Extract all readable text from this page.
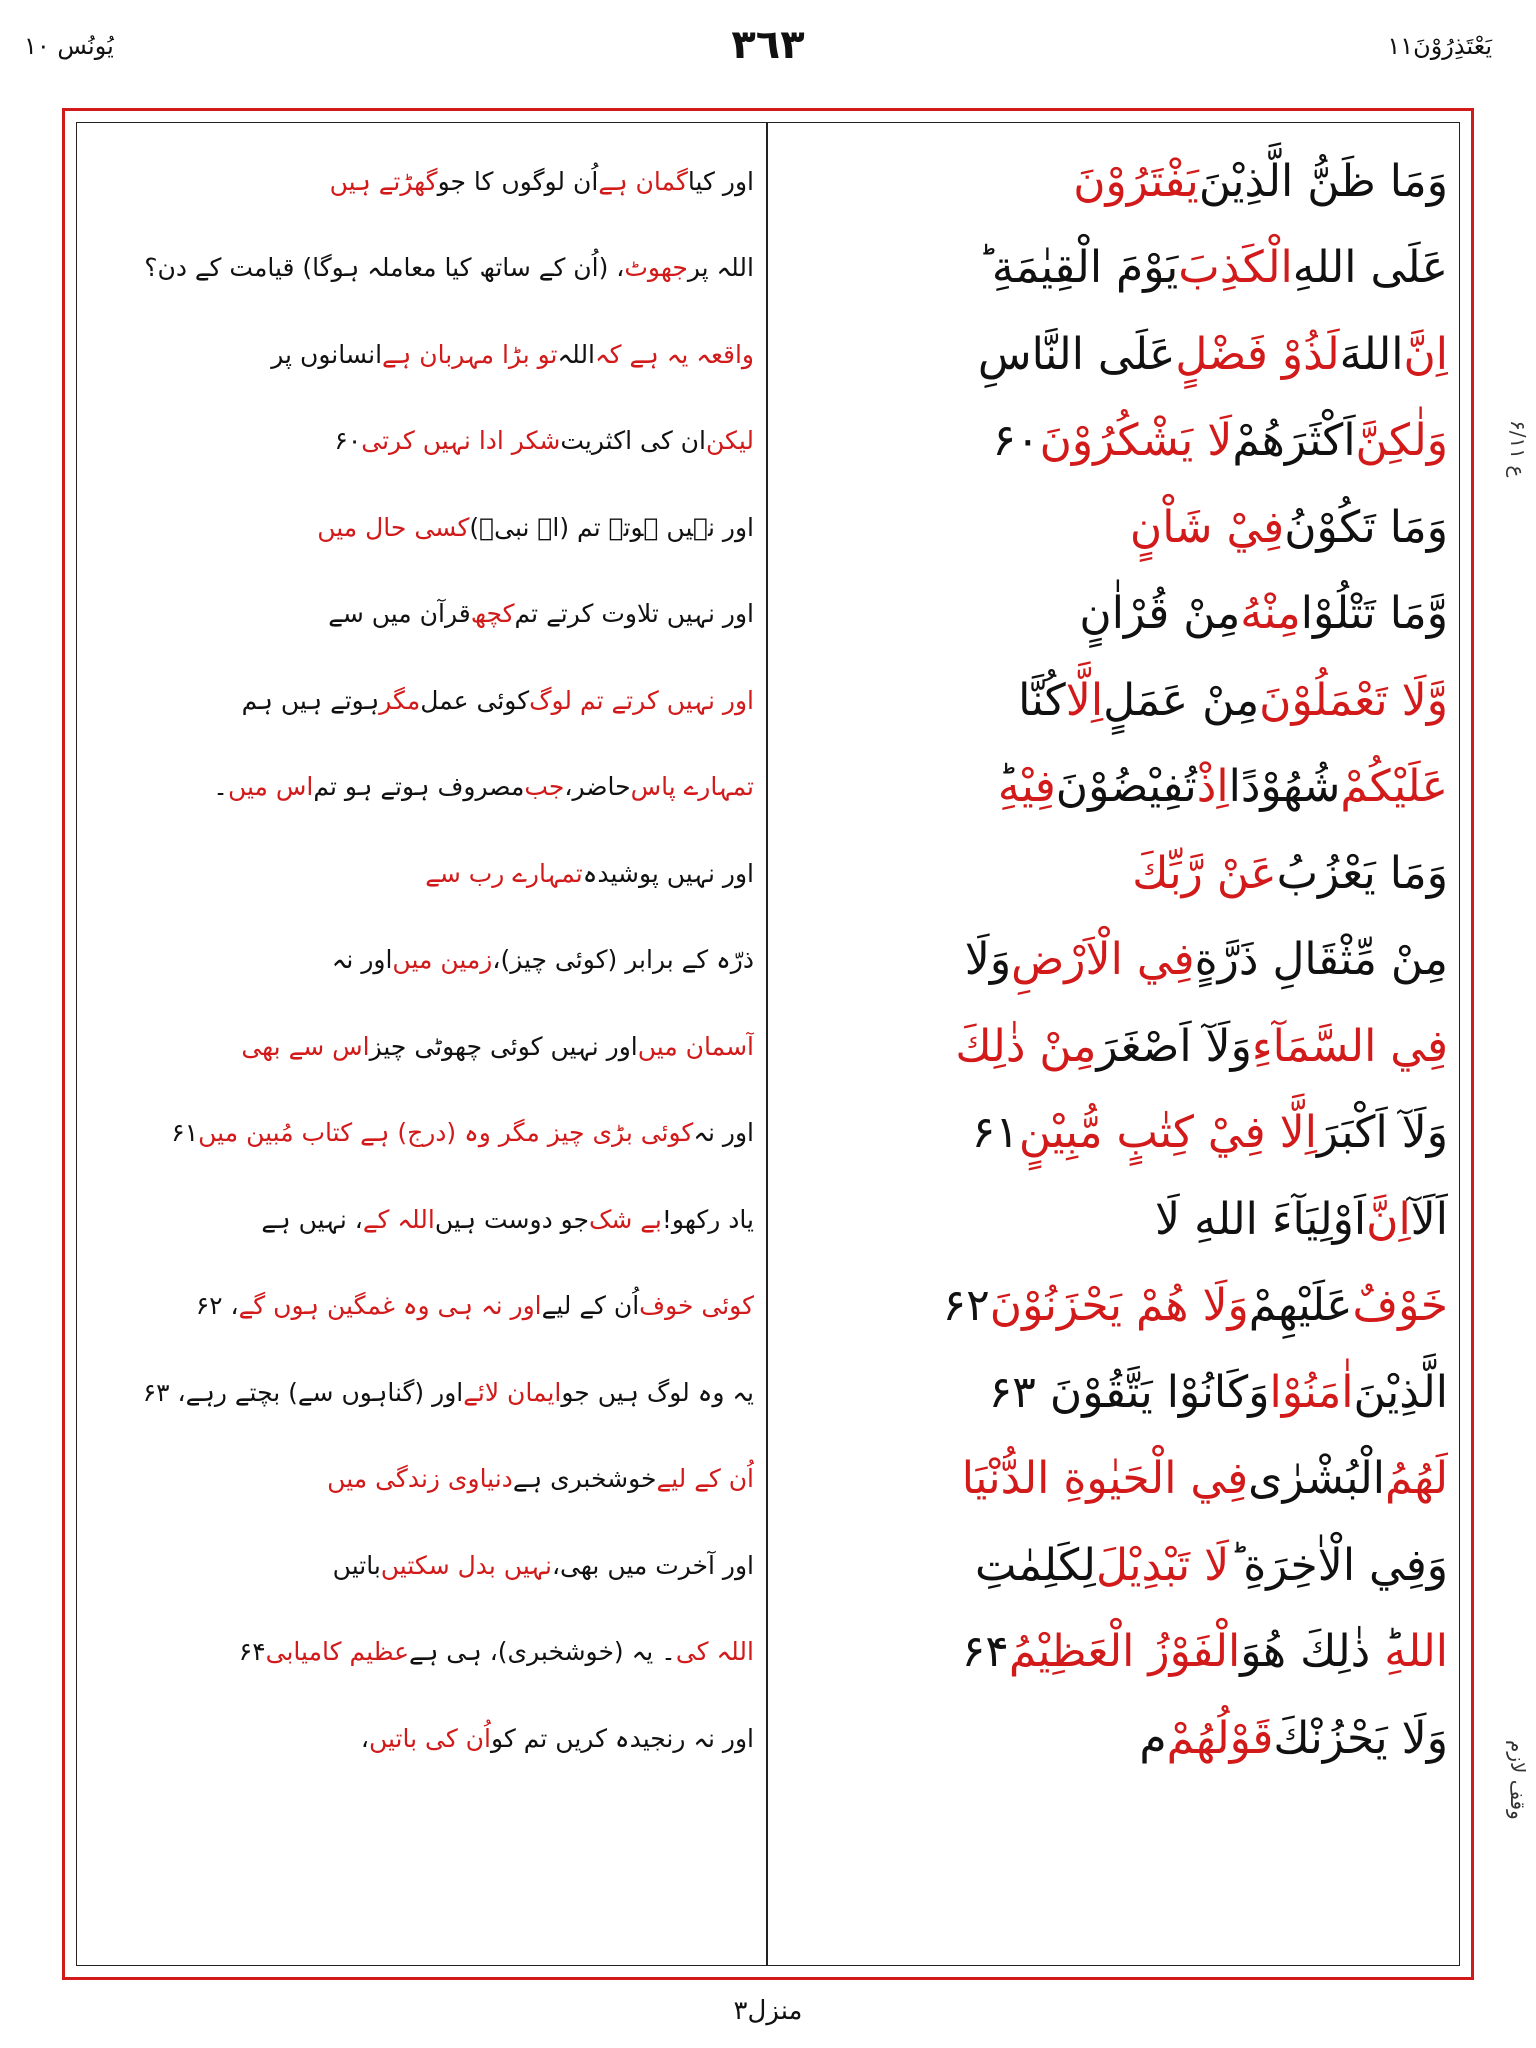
يَعْتَذِرُوْنَ١١
٣٦٣
يُونُس ١٠
وَمَا ظَنُّ الَّذِيْنَ
يَفْتَرُوْنَ
عَلَى اللهِ
الْكَذِبَ
يَوْمَ الْقِيٰمَةِ ؕ
اِنَّ
اللهَ
لَذُوْ فَضْلٍ
عَلَى النَّاسِ
وَلٰكِنَّ
اَكْثَرَهُمْ
لَا يَشْكُرُوْنَ
۶۰
وَمَا تَكُوْنُ
فِيْ شَاْنٍ
وَّمَا تَتْلُوْا
مِنْهُ
مِنْ قُرْاٰنٍ
وَّلَا تَعْمَلُوْنَ
مِنْ عَمَلٍ
اِلَّا
كُنَّا
عَلَيْكُمْ
شُهُوْدًا
اِذْ
تُفِيْضُوْنَ
فِيْهِ
وَمَا يَعْزُبُ
عَنْ رَّبِّكَ
مِنْ مِّثْقَالِ ذَرَّةٍ
فِي الْاَرْضِ
وَلَا
فِي السَّمَآءِ
وَلَآ اَصْغَرَ
مِنْ ذٰلِكَ
وَلَآ اَكْبَرَ
اِلَّا فِيْ كِتٰبٍ مُّبِيْنٍ
۶۱
اَلَآ
اِنَّ
اَوْلِيَآءَ اللهِ لَا
خَوْفٌ
عَلَيْهِمْ
وَلَا هُمْ يَحْزَنُوْنَ
۶۲
الَّذِيْنَ
اٰمَنُوْا
وَكَانُوْا يَتَّقُوْنَ ۶۳
لَهُمُ
الْبُشْرٰى
فِي الْحَيٰوةِ الدُّنْيَا
وَفِي الْاٰخِرَةِ ؕ
لَا تَبْدِيْلَ
لِكَلِمٰتِ
اللهِ
ؕ ذٰلِكَ هُوَ
الْفَوْزُ الْعَظِيْمُ
۶۴
وَلَا يَحْزُنْكَ
قَوْلُهُمْ
م
اور کیا
گمان ہے
اُن لوگوں کا جو
گھڑتے ہیں
اللہ پر
جھوٹ
، (اُن کے ساتھ کیا معاملہ ہوگا) قیامت کے دن؟
واقعہ یہ ہے کہ
اللہ
تو بڑا مہربان ہے
انسانوں پر
لیکن
ان کی اکثریت
شکر ادا نہیں کرتی
۶۰
اور نہیں ہوتے تم (اے نبیؐ)
کسی حال میں
اور نہیں تلاوت کرتے تم
کچھ
قرآن میں سے
اور نہیں کرتے تم لوگ
کوئی عمل
مگر
ہوتے ہیں ہم
تمہارے پاس
حاضر،
جب
مصروف ہوتے ہو تم
اس میں
۔
اور نہیں پوشیدہ
تمہارے رب سے
ذرّہ کے برابر (کوئی چیز)،
زمین میں
اور نہ
آسمان میں
اور نہیں کوئی چھوٹی چیز
اس سے بھی
اور نہ
کوئی بڑی چیز مگر وہ (درج) ہے کتاب مُبین میں
۶۱
یاد رکھو!
بے شک
جو دوست ہیں
اللہ کے
، نہیں ہے
کوئی خوف
اُن کے لیے
اور نہ ہی وہ غمگین ہوں گے
، ۶۲
یہ وہ لوگ ہیں جو
ایمان لائے
اور (گناہوں سے) بچتے رہے، ۶۳
اُن کے لیے
خوشخبری ہے
دنیاوی زندگی میں
اور آخرت میں بھی،
نہیں بدل سکتیں
باتیں
اللہ کی
۔ یہ (خوشخبری)، ہی ہے
عظیم کامیابی
۶۴
اور نہ رنجیدہ کریں تم کو
اُن کی باتیں
،
ع ۶/۱۱
وقف لازم
منزل٣
